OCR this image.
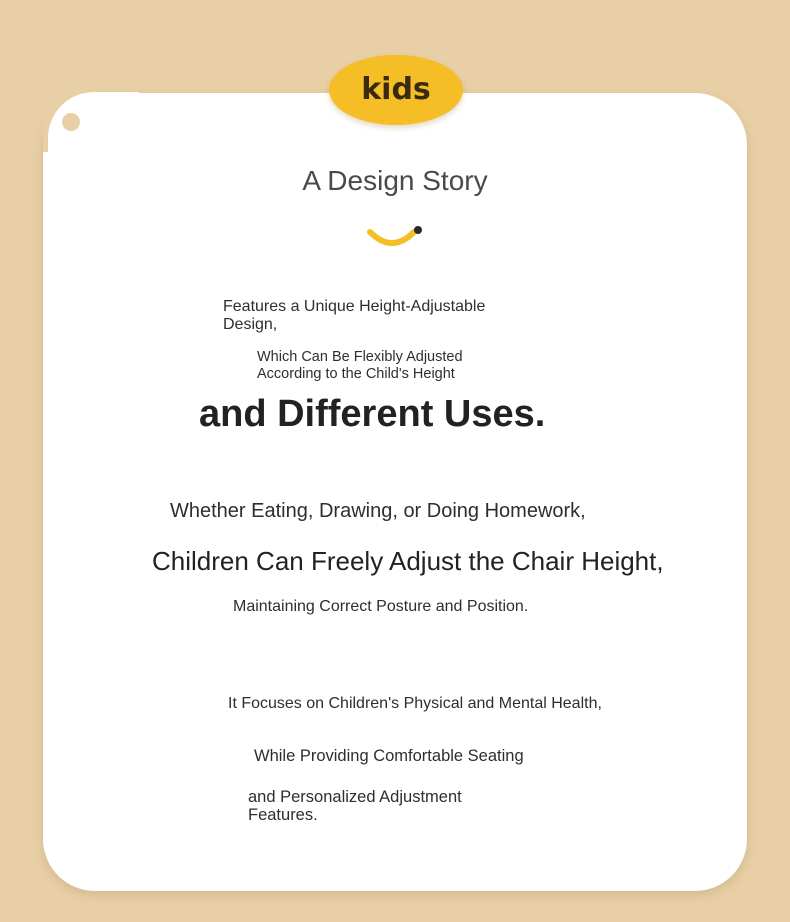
kids
A Design Story
Features a Unique Height-Adjustable Design,
Which Can Be Flexibly Adjusted According to the Child's Height
and Different Uses.
Whether Eating, Drawing, or Doing Homework,
Children Can Freely Adjust the Chair Height,
Maintaining Correct Posture and Position.
It Focuses on Children's Physical and Mental Health,
While Providing Comfortable Seating
and Personalized Adjustment Features.
